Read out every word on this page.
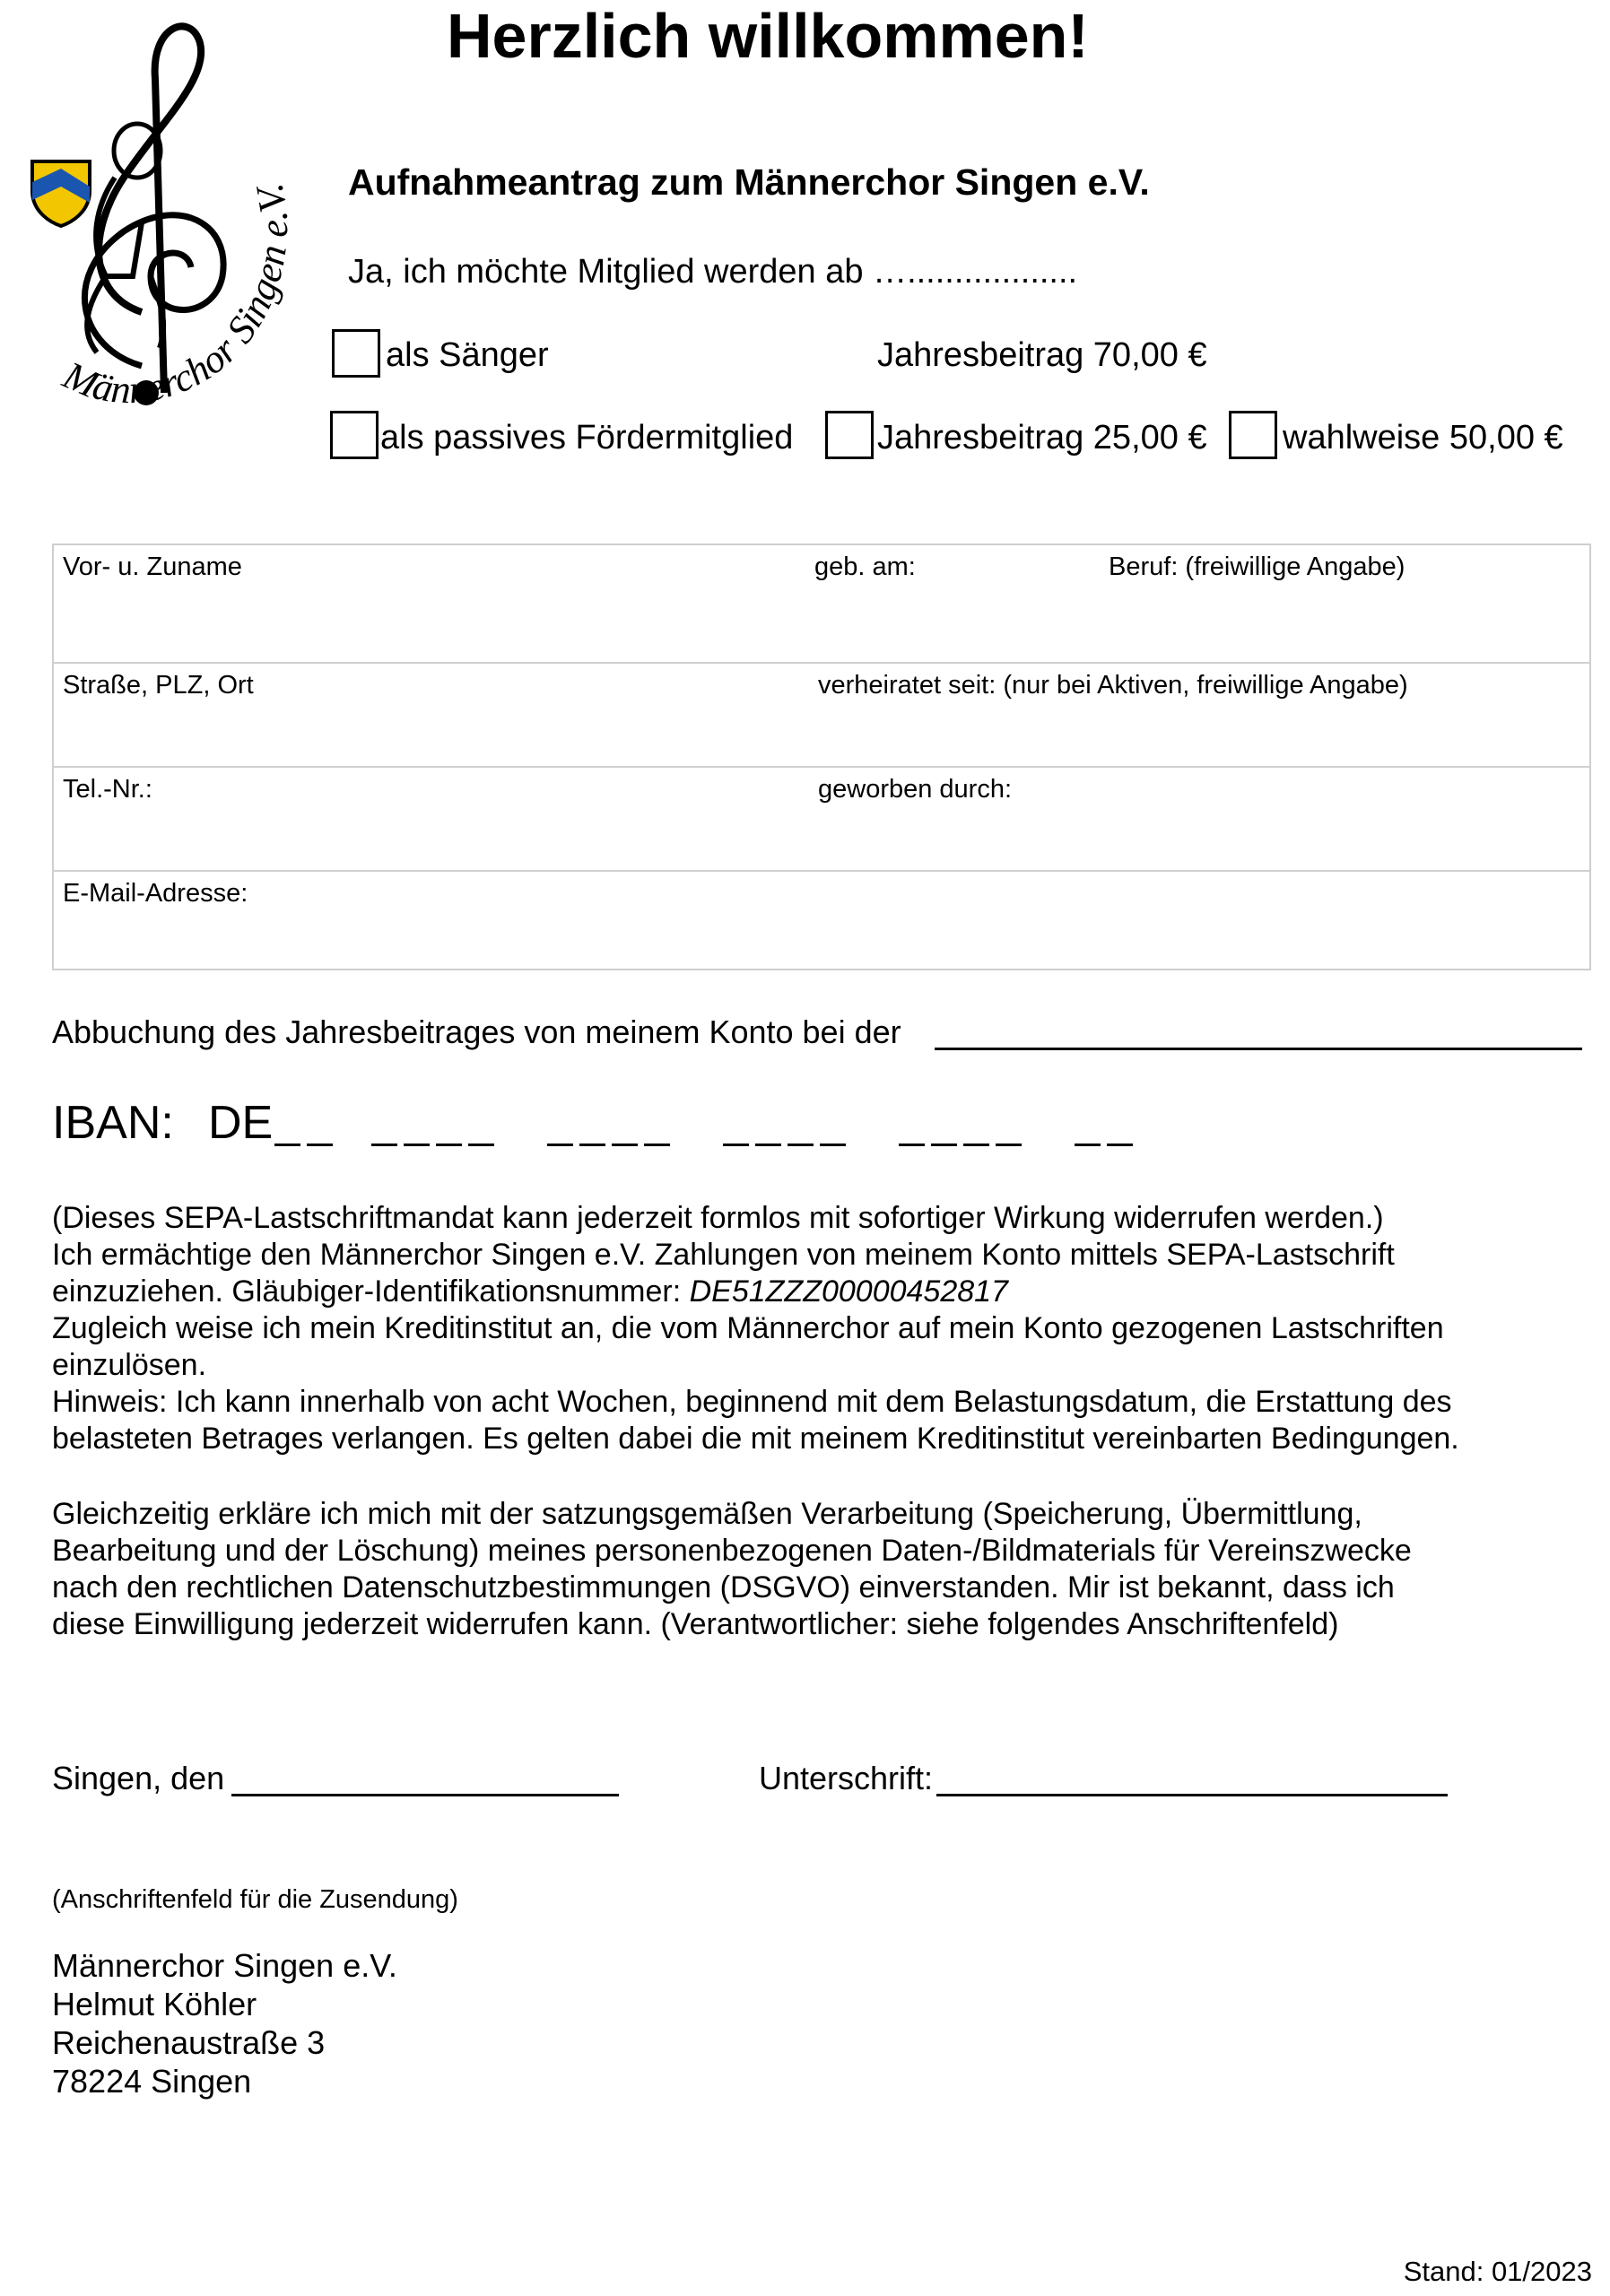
Herzlich willkommen!
Männerchor Singen e.V. Aufnahmeantrag zum Männerchor Singen e.V.
Ja, ich möchte Mitglied werden ab …..................
als Sänger	Jahresbeitrag 70,00 €
als passives Fördermitglied Jahresbeitrag 25,00 € wahlweise 50,00 €
Vor- u. Zuname	geb. am:	Beruf: (freiwillige Angabe)
Straße, PLZ, Ort	verheiratet seit: (nur bei Aktiven, freiwillige Angabe)
Tel.-Nr.:	geworben durch:
E-Mail-Adresse:
Abbuchung des Jahresbeitrages von meinem Konto bei der
IBAN: DE
(Dieses SEPA-Lastschriftmandat kann jederzeit formlos mit sofortiger Wirkung widerrufen werden.)
Ich ermächtige den Männerchor Singen e.V. Zahlungen von meinem Konto mittels SEPA-Lastschrift
einzuziehen. Gläubiger-Identifikationsnummer: DE51ZZZ00000452817
Zugleich weise ich mein Kreditinstitut an, die vom Männerchor auf mein Konto gezogenen Lastschriften
einzulösen.
Hinweis: Ich kann innerhalb von acht Wochen, beginnend mit dem Belastungsdatum, die Erstattung des
belasteten Betrages verlangen. Es gelten dabei die mit meinem Kreditinstitut vereinbarten Bedingungen.
Gleichzeitig erkläre ich mich mit der satzungsgemäßen Verarbeitung (Speicherung, Übermittlung,
Bearbeitung und der Löschung) meines personenbezogenen Daten-/Bildmaterials für Vereinszwecke
nach den rechtlichen Datenschutzbestimmungen (DSGVO) einverstanden. Mir ist bekannt, dass ich
diese Einwilligung jederzeit widerrufen kann. (Verantwortlicher: siehe folgendes Anschriftenfeld)
Singen, den	Unterschrift:
(Anschriftenfeld für die Zusendung)
Männerchor Singen e.V.
Helmut Köhler
Reichenaustraße 3
78224 Singen
Stand: 01/2023
